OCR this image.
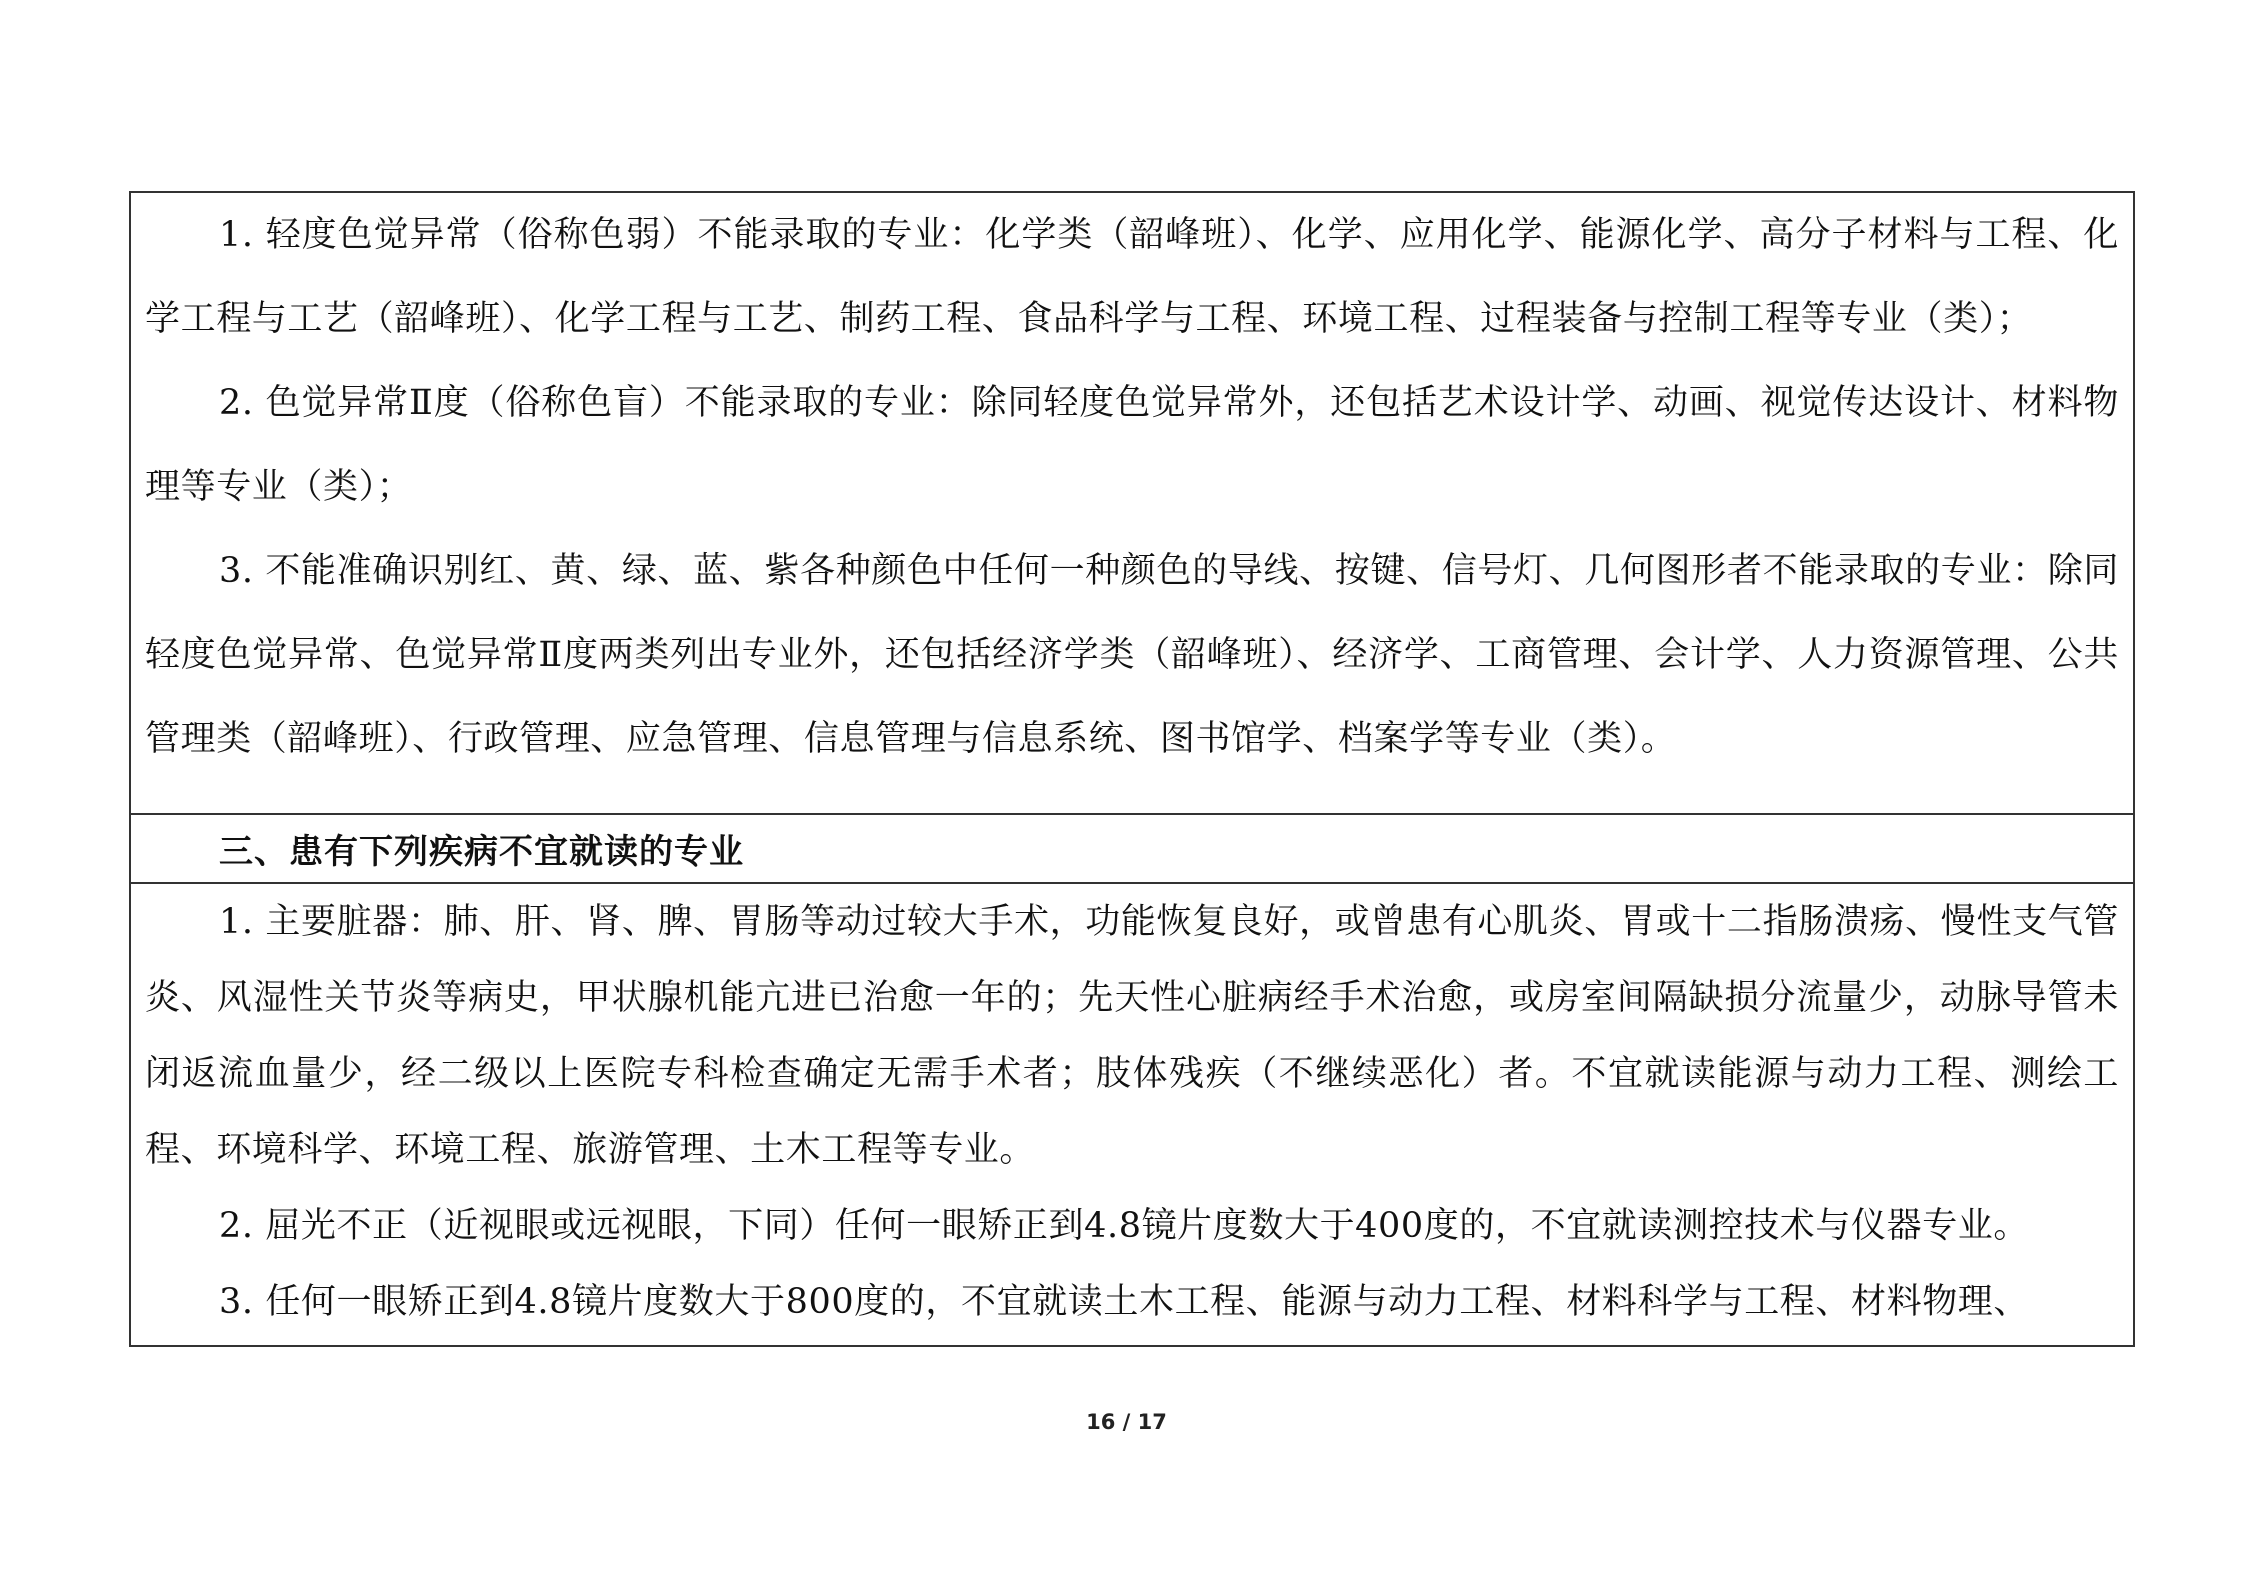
1. 轻度色觉异常（俗称色弱）不能录取的专业：化学类（韶峰班）、化学、应用化学、能源化学、高分子材料与工程、化学工程与工艺（韶峰班）、化学工程与工艺、制药工程、食品科学与工程、环境工程、过程装备与控制工程等专业（类）；

2. 色觉异常Ⅱ度（俗称色盲）不能录取的专业：除同轻度色觉异常外，还包括艺术设计学、动画、视觉传达设计、材料物理等专业（类）；

3. 不能准确识别红、黄、绿、蓝、紫各种颜色中任何一种颜色的导线、按键、信号灯、几何图形者不能录取的专业：除同轻度色觉异常、色觉异常Ⅱ度两类列出专业外，还包括经济学类（韶峰班）、经济学、工商管理、会计学、人力资源管理、公共管理类（韶峰班）、行政管理、应急管理、信息管理与信息系统、图书馆学、档案学等专业（类）。

三、患有下列疾病不宜就读的专业

1. 主要脏器：肺、肝、肾、脾、胃肠等动过较大手术，功能恢复良好，或曾患有心肌炎、胃或十二指肠溃疡、慢性支气管炎、风湿性关节炎等病史，甲状腺机能亢进已治愈一年的；先天性心脏病经手术治愈，或房室间隔缺损分流量少，动脉导管未闭返流血量少，经二级以上医院专科检查确定无需手术者；肢体残疾（不继续恶化）者。不宜就读能源与动力工程、测绘工程、环境科学、环境工程、旅游管理、土木工程等专业。

2. 屈光不正（近视眼或远视眼，下同）任何一眼矫正到4.8镜片度数大于400度的，不宜就读测控技术与仪器专业。

3. 任何一眼矫正到4.8镜片度数大于800度的，不宜就读土木工程、能源与动力工程、材料科学与工程、材料物理、

16 / 17
